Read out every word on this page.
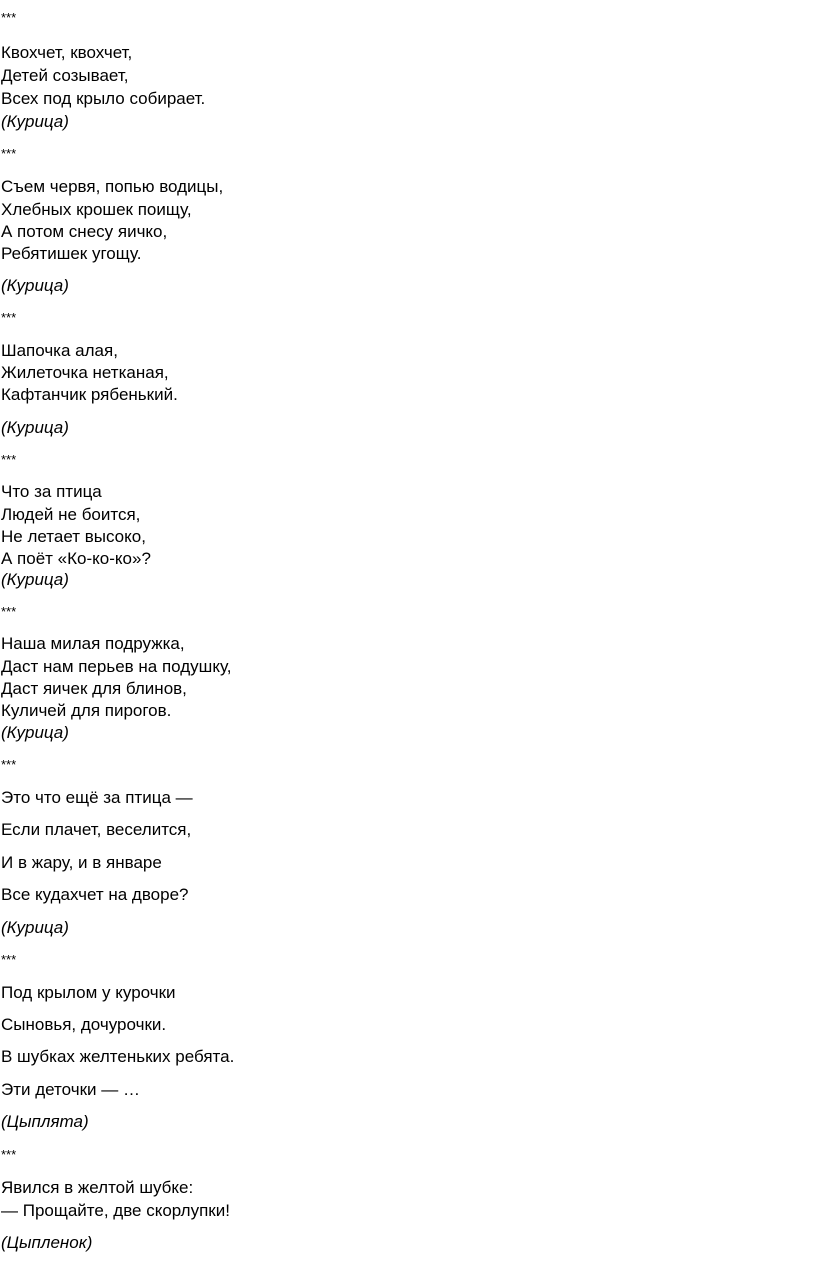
***
Квохчет, квохчет,
Детей созывает,
Всех под крыло собирает.
(Курица)
***
Съем червя, попью водицы,
Хлебных крошек поищу,
А потом снесу яичко,
Ребятишек угощу.
(Курица)
***
Шапочка алая,
Жилеточка нетканая,
Кафтанчик рябенький.
(Курица)
***
Что за птица
Людей не боится,
Не летает высоко,
А поёт «Ко-ко-ко»?
(Курица)
***
Наша милая подружка,
Даст нам перьев на подушку,
Даст яичек для блинов,
Куличей для пирогов.
(Курица)
***
Это что ещё за птица —
Если плачет, веселится,
И в жару, и в январе
Все кудахчет на дворе?
(Курица)
***
Под крылом у курочки
Сыновья, дочурочки.
В шубках желтеньких ребята.
Эти деточки — …
(Цыплята)
***
Явился в желтой шубке:
— Прощайте, две скорлупки!
(Цыпленок)
